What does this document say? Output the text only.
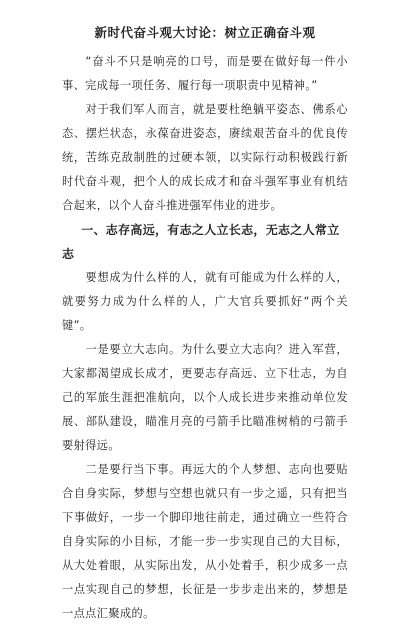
新时代奋斗观大讨论：树立正确奋斗观

“奋斗不只是响亮的口号，而是要在做好每一件小事、完成每一项任务、履行每一项职责中见精神。”

对于我们军人而言，就是要杜绝躺平姿态、佛系心态、摆烂状态，永葆奋进姿态，赓续艰苦奋斗的优良传统，苦练克敌制胜的过硬本领，以实际行动积极践行新时代奋斗观，把个人的成长成才和奋斗强军事业有机结合起来，以个人奋斗推进强军伟业的进步。

一、志存高远，有志之人立长志，无志之人常立志

要想成为什么样的人，就有可能成为什么样的人，就要努力成为什么样的人，广大官兵要抓好“两个关键”。

一是要立大志向。为什么要立大志向？进入军营，大家都渴望成长成才，更要志存高远、立下壮志，为自己的军旅生涯把准航向，以个人成长进步来推动单位发展、部队建设，瞄准月亮的弓箭手比瞄准树梢的弓箭手要射得远。

二是要行当下事。再远大的个人梦想、志向也要贴合自身实际，梦想与空想也就只有一步之遥，只有把当下事做好，一步一个脚印地往前走，通过确立一些符合自身实际的小目标，才能一步一步实现自己的大目标，从大处着眼，从实际出发，从小处着手，积少成多一点一点实现自己的梦想，长征是一步步走出来的，梦想是一点点汇聚成的。
